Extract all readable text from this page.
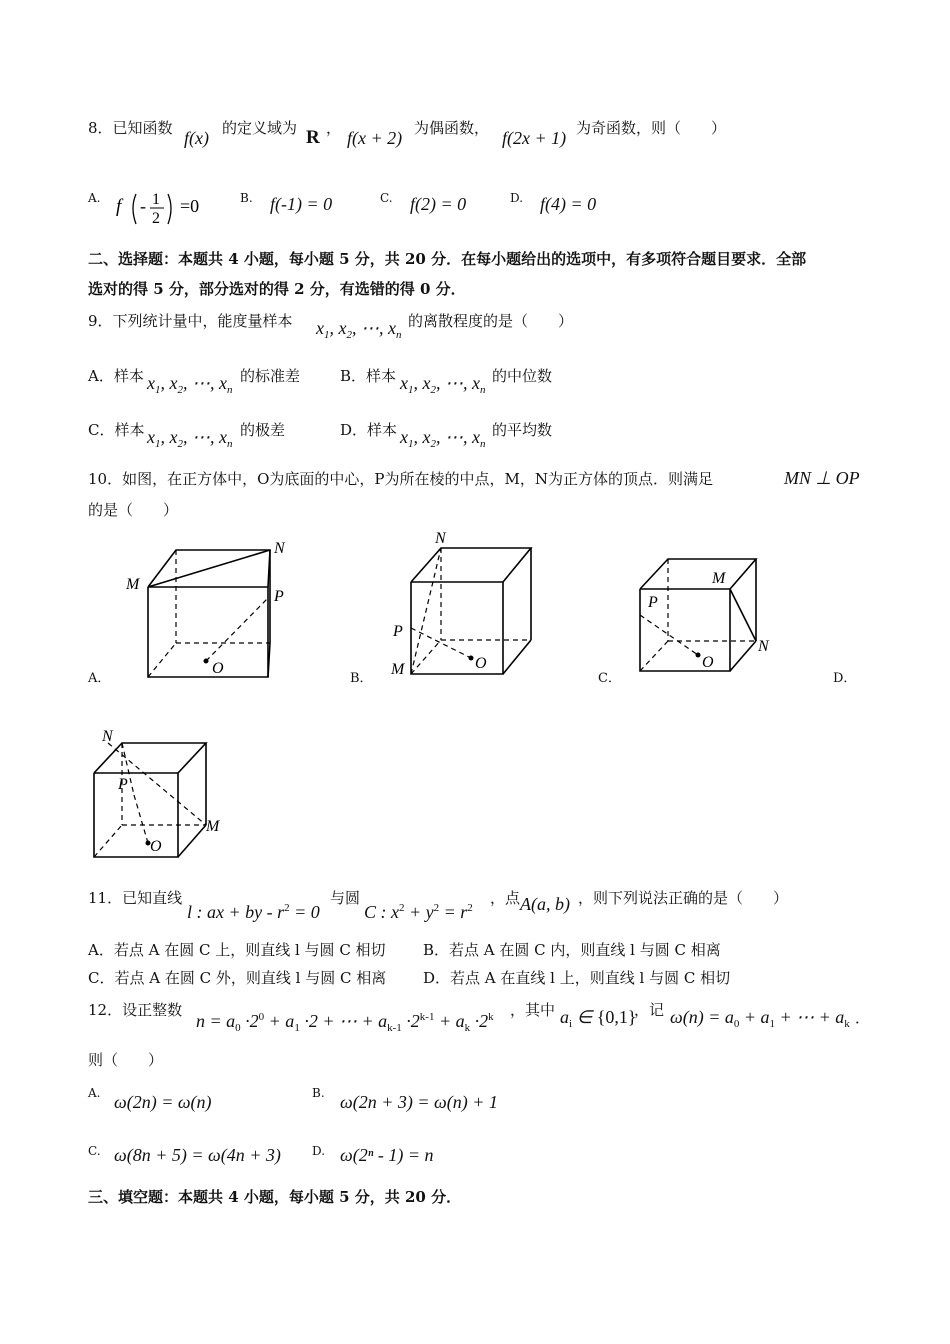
8．已知函数 f(x) 的定义域为 R ， f(x + 2) 为偶函数， f(2x + 1) 为奇函数，则（　　）
A. f - 1
2
=0	B. f(-1) = 0	C. f(2) = 0	D. f(4) = 0
二、选择题：本题共 4 小题，每小题 5 分，共 20 分．在每小题给出的选项中，有多项符合题目要求．全部
选对的得 5 分，部分选对的得 2 分，有选错的得 0 分．
9．下列统计量中，能度量样本 $x_1$, $x_2$, ⋯, $x_n$
的离散程度的是（　　）
A．样本 $x_1$, $x_2$, ⋯, $x_n$
的标准差	B．样本 $x_1$, $x_2$, ⋯, $x_n$
的中位数
C．样本 $x_1$, $x_2$, ⋯, $x_n$
的极差	D．样本 $x_1$, $x_2$, ⋯, $x_n$
的平均数
10．如图，在正方体中，O为底面的中心，P为所在棱的中点，M，N为正方体的顶点．则满足	MN ⊥ OP
的是（　　）
M
N
P
O
A．
N
P
M	O
B．
M
P
N
O
C．	D．
N
P
M
O
11．已知直线
l : ax + by - $r^2 = 0$
与圆
C : $x^2 + y^2 = r^2$
，点 A(a, b) ，则下列说法正确的是（　　）
A．若点 A 在圆 C 上，则直线 l 与圆 C 相切 B．若点 A 在圆 C 内，则直线 l 与圆 C 相离
C．若点 A 在圆 C 外，则直线 l 与圆 C 相离 D．若点 A 在直线 l 上，则直线 l 与圆 C 相切
12．设正整数
$n = a_0 \cdot 2^0 + a_1 \cdot 2$ + ⋯ + $a_{k-1} \cdot 2^{k-1} + a_k \cdot 2^k$ ，其中 $a_i$ ∈ {0,1}
，记 $\omega(n) = a_0 + a_1$ + ⋯ + $a_k$ ．
则（　　）
A. ω(2n) = ω(n)	B. ω(2n + 3) = ω(n) + 1
C. ω(8n + 5) = ω(4n + 3)	D. ω(2ⁿ - 1) = n
三、填空题：本题共 4 小题，每小题 5 分，共 20 分．
